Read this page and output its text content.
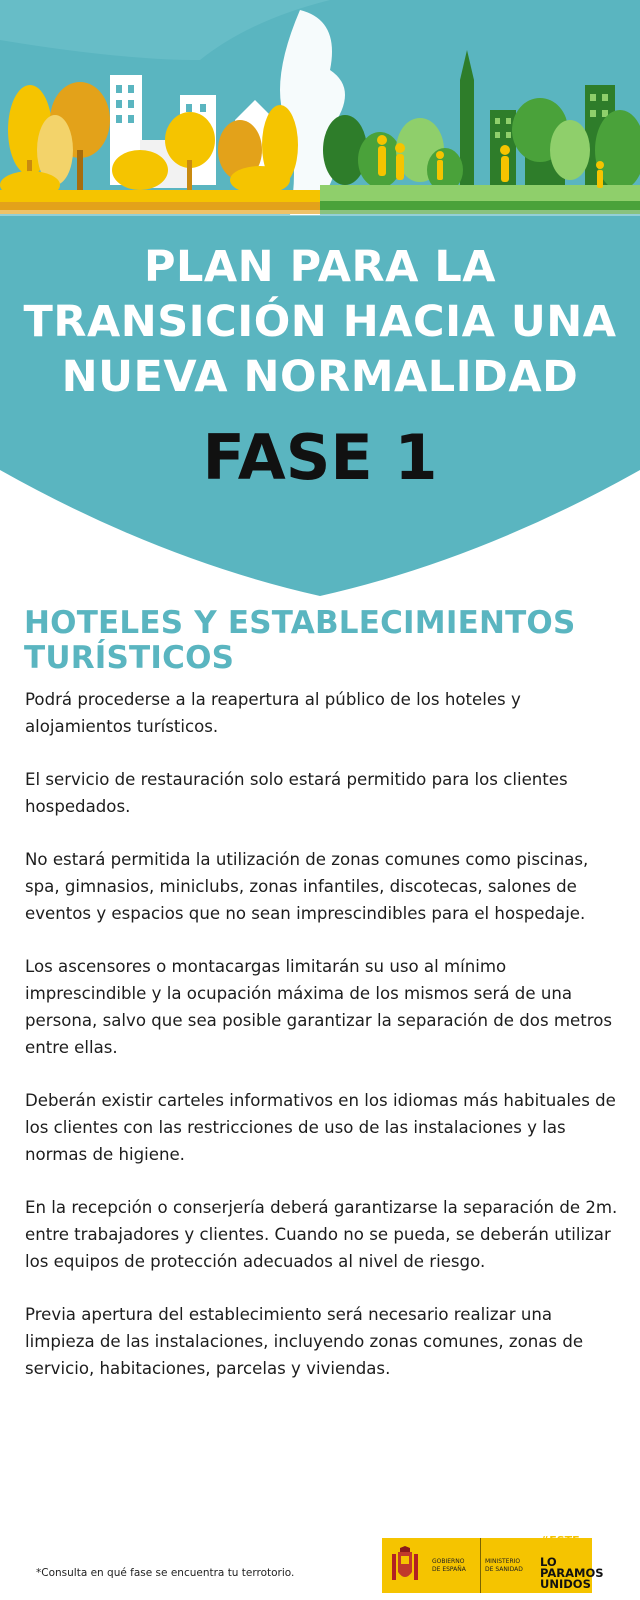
PLAN PARA LA
TRANSICIÓN HACIA UNA
NUEVA NORMALIDAD
FASE 1
HOTELES Y ESTABLECIMIENTOS TURÍSTICOS

Podrá procederse a la reapertura al público de los hoteles y alojamientos turísticos.

El servicio de restauración solo estará permitido para los clientes hospedados.

No estará permitida la utilización de zonas comunes como piscinas, spa, gimnasios, miniclubs, zonas infantiles, discotecas, salones de eventos y espacios que no sean imprescindibles para el hospedaje.

Los ascensores o montacargas limitarán su uso al mínimo imprescindible y la ocupación máxima de los mismos será de una persona, salvo que sea posible garantizar la separación de dos metros entre ellas.

Deberán existir carteles informativos en los idiomas más habituales de los clientes con las restricciones de uso de las instalaciones y las normas de higiene.

En la recepción o conserjería deberá garantizarse la separación de 2m. entre trabajadores y clientes. Cuando no se pueda, se deberán utilizar los equipos de protección adecuados al nivel de riesgo.

Previa apertura del establecimiento será necesario realizar una limpieza de las instalaciones, incluyendo zonas comunes, zonas de servicio, habitaciones, parcelas y viviendas.

*Consulta en qué fase se encuentra tu terrotorio.
GOBIERNO
DE ESPAÑA
MINISTERIO
DE SANIDAD
#ESTE
VIRUS
LO
PARAMOS
UNIDOS
